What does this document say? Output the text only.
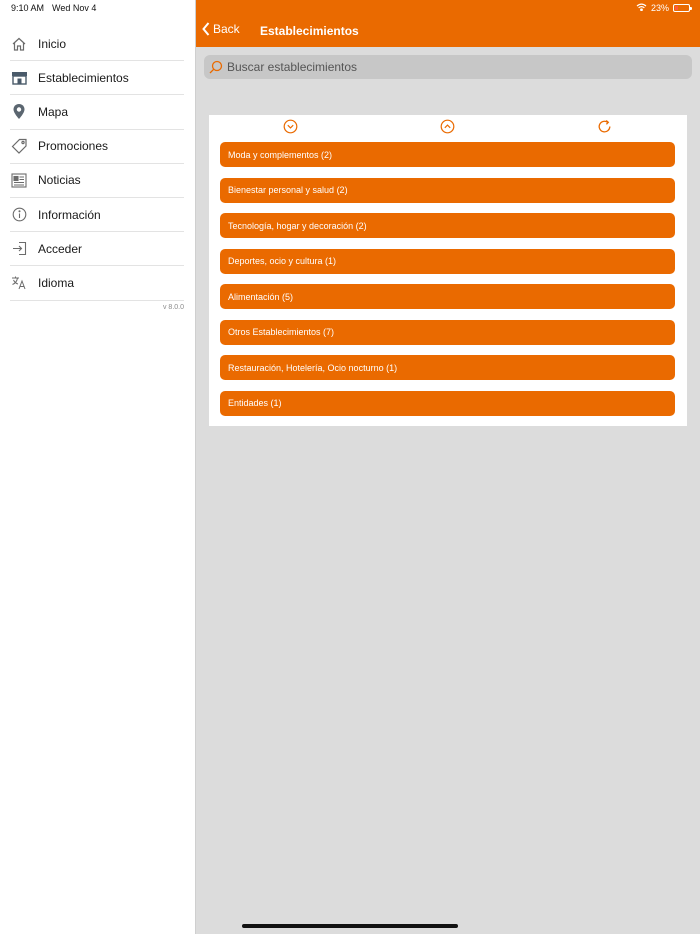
9:10 AM Wed Nov 4
Inicio
Establecimientos
Mapa
Promociones
Noticias
Información
Acceder
Idioma
v 8.0.0
23%
Back Establecimientos
Buscar establecimientos
Moda y complementos (2)
Bienestar personal y salud (2)
Tecnología, hogar y decoración (2)
Deportes, ocio y cultura (1)
Alimentación (5)
Otros Establecimientos (7)
Restauración, Hotelería, Ocio nocturno (1)
Entidades (1)
